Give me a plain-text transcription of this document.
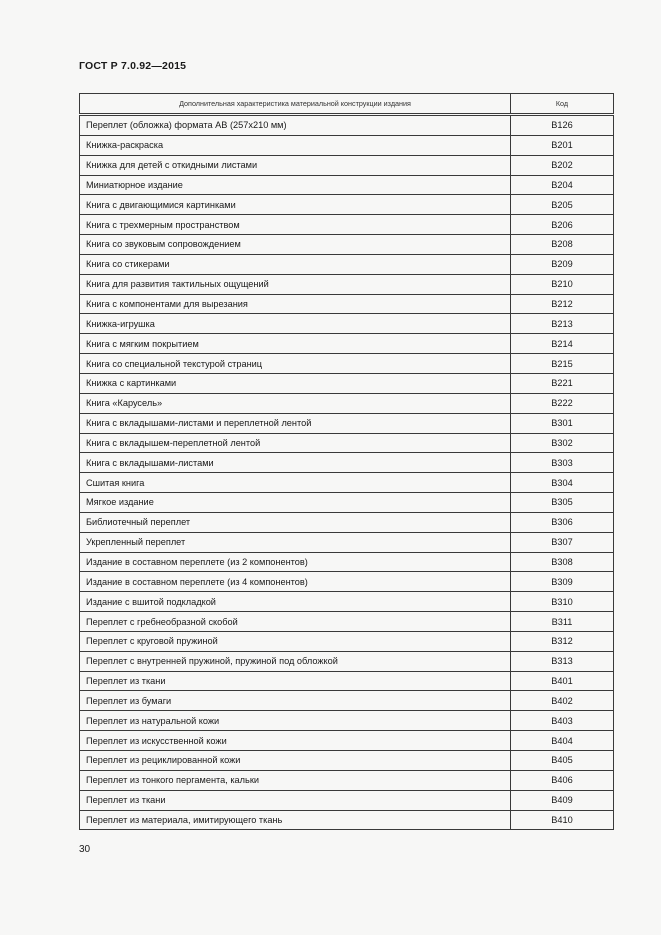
ГОСТ Р 7.0.92—2015
Дополнительная характеристика материальной конструкции издания	Код
Переплет (обложка) формата АВ (257х210 мм)	B126
Книжка-раскраска	B201
Книжка для детей с откидными листами	B202
Миниатюрное издание	B204
Книга с двигающимися картинками	B205
Книга с трехмерным пространством	B206
Книга со звуковым сопровождением	B208
Книга со стикерами	B209
Книга для развития тактильных ощущений	B210
Книга с компонентами для вырезания	B212
Книжка-игрушка	B213
Книга с мягким покрытием	B214
Книга со специальной текстурой страниц	B215
Книжка с картинками	B221
Книга «Карусель»	B222
Книга с вкладышами-листами и переплетной лентой	B301
Книга с вкладышем-переплетной лентой	B302
Книга с вкладышами-листами	B303
Сшитая книга	B304
Мягкое издание	B305
Библиотечный переплет	B306
Укрепленный переплет	B307
Издание в составном переплете (из 2 компонентов)	B308
Издание в составном переплете (из 4 компонентов)	B309
Издание с вшитой подкладкой	B310
Переплет с гребнеобразной скобой	B311
Переплет с круговой пружиной	B312
Переплет с внутренней пружиной, пружиной под обложкой	B313
Переплет из ткани	B401
Переплет из бумаги	B402
Переплет из натуральной кожи	B403
Переплет из искусственной кожи	B404
Переплет из рециклированной кожи	B405
Переплет из тонкого пергамента, кальки	B406
Переплет из ткани	B409
Переплет из материала, имитирующего ткань	B410
30
